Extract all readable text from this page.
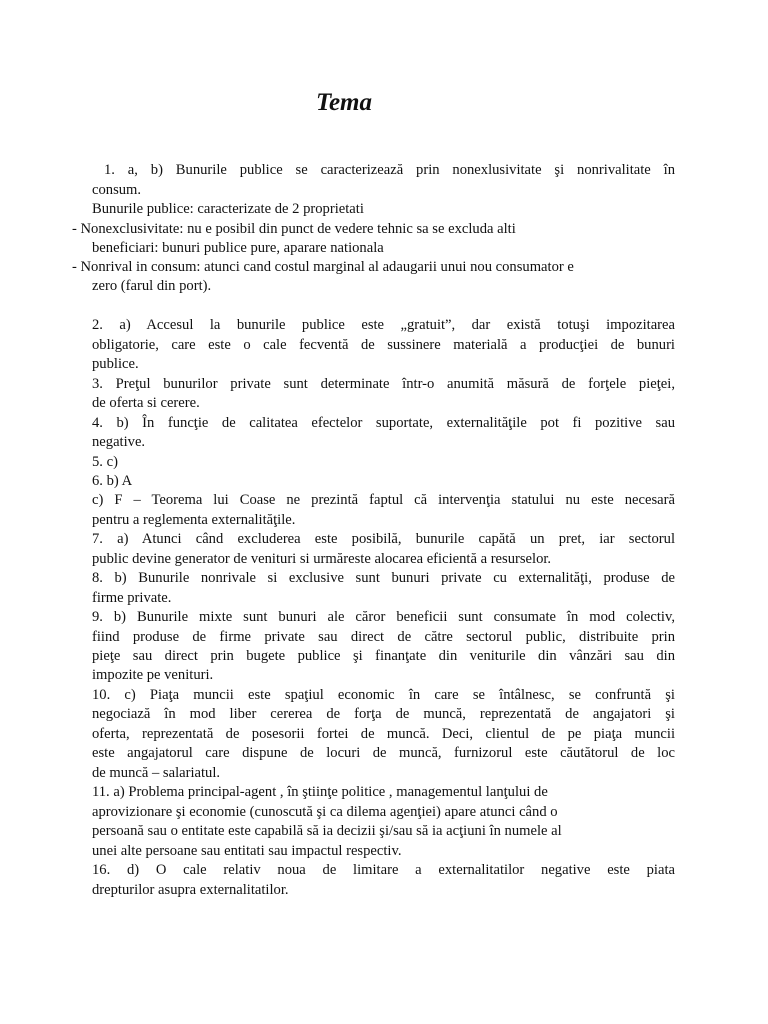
Tema
1. a, b) Bunurile publice se caracterizează prin nonexlusivitate şi nonrivalitate în
consum.
Bunurile publice: caracterizate de 2 proprietati
- Nonexclusivitate: nu e posibil din punct de vedere tehnic sa se excluda alti
beneficiari: bunuri publice pure, aparare nationala
- Nonrival in consum: atunci cand costul marginal al adaugarii unui nou consumator e
zero (farul din port).
2. a) Accesul la bunurile publice este „gratuit”, dar există totuşi impozitarea
obligatorie, care este o cale fecventă de sussinere materială a producţiei de bunuri
publice.
3. Preţul bunurilor private sunt determinate într-o anumită măsură de forţele pieţei,
de oferta si cerere.
4. b) În funcţie de calitatea efectelor suportate, externalităţile pot fi pozitive sau
negative.
5. c)
6. b) A
c) F – Teorema lui Coase ne prezintă faptul că intervenţia statului nu este necesară
pentru a reglementa externalităţile.
7. a) Atunci când excluderea este posibilă, bunurile capătă un pret, iar sectorul
public devine generator de venituri si urmăreste alocarea eficientă a resurselor.
8. b) Bunurile nonrivale si exclusive sunt bunuri private cu externalităţi, produse de
firme private.
9. b) Bunurile mixte sunt bunuri ale căror beneficii sunt consumate în mod colectiv,
fiind produse de firme private sau direct de către sectorul public, distribuite prin
pieţe sau direct prin bugete publice şi finanţate din veniturile din vânzări sau din
impozite pe venituri.
10. c) Piaţa muncii este spaţiul economic în care se întâlnesc, se confruntă şi
negociază în mod liber cererea de forţa de muncă, reprezentată de angajatori şi
oferta, reprezentată de posesorii fortei de muncă. Deci, clientul de pe piaţa muncii
este angajatorul care dispune de locuri de muncă, furnizorul este căutătorul de loc
de muncă – salariatul.
11. a) Problema principal-agent , în ştiinţe politice , managementul lanţului de
aprovizionare şi economie (cunoscută şi ca dilema agenţiei) apare atunci când o
persoană sau o entitate este capabilă să ia decizii şi/sau să ia acţiuni în numele al
unei alte persoane sau entitati sau impactul respectiv.
16. d) O cale relativ noua de limitare a externalitatilor negative este piata
drepturilor asupra externalitatilor.
